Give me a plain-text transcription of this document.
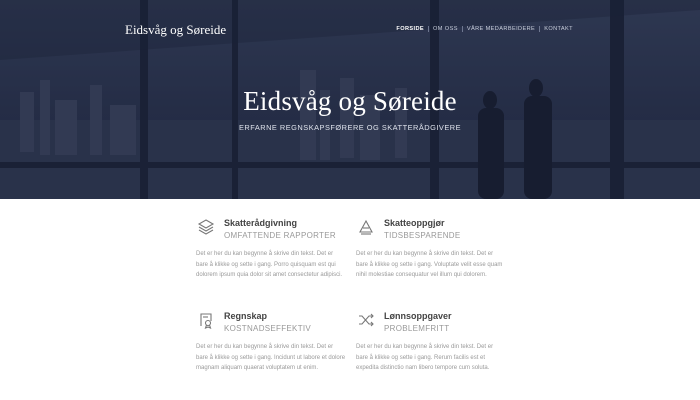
Eidsvåg og Søreide	FORSIDE	OM OSS	VÅRE MEDARBEIDERE	KONTAKT
Eidsvåg og Søreide
ERFARNE REGNSKAPSFØRERE OG SKATTERÅDGIVERE
Skatterådgivning
OMFATTENDE RAPPORTER
Det er her du kan begynne å skrive din tekst. Det er bare å klikke og sette i gang. Porro quisquam est qui dolorem ipsum quia dolor sit amet consectetur adipisci.
Skatteoppgjør
TIDSBESPARENDE
Det er her du kan begynne å skrive din tekst. Det er bare å klikke og sette i gang. Voluptate velit esse quam nihil molestiae consequatur vel illum qui dolorem.
Regnskap
KOSTNADSEFFEKTIV
Det er her du kan begynne å skrive din tekst. Det er bare å klikke og sette i gang. Incidunt ut labore et dolore magnam aliquam quaerat voluptatem ut enim.
Lønnsoppgaver
PROBLEMFRITT
Det er her du kan begynne å skrive din tekst. Det er bare å klikke og sette i gang. Rerum facilis est et expedita distinctio nam libero tempore cum soluta.
